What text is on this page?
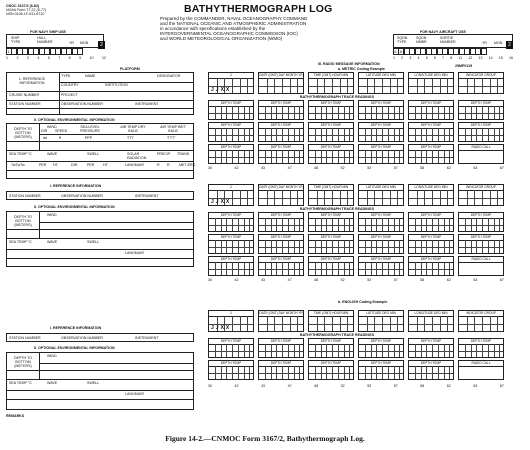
CNOC 3167/2 (6-82)
NOAA Form 77-22 (5-77)
NSN 0106-LF-031-6710
FOR NAVY SHIP USE
SHIP TYPE
HULL NUMBER	YR MON
1
2
1 2 3 4 5 7 8 9 10 12
BATHYTHERMOGRAPH LOG
Prepared by the COMMANDER, NAVAL OCEANOGRAPHY COMMAND
and the NATIONAL OCEANIC AND ATMOSPHERIC ADMINISTRATION
in accordance with specifications established by the
INTERGOVERNMENTAL OCEANOGRAPHIC COMMISSION (IOC)
and WORLD METEOROLOGICAL ORGANIZATION (WMO)
FOR NAVY AIRCRAFT USE
SQDN TYPE
SQDN NMBR
SORTIE NUMBER	YR MON
6 A
2
1 2 3 4 5 6 7 8 11 12 13 14 15 16
PLATFORM
1. REFERENCE INFORMATION
TYPE	NAME	DESIGNATOR
COUNTRY	INSTITUTION
CRUISE NUMBER	PROJECT
STATION NUMBER	OBSERVATION NUMBER	INSTRUMENT
II. OPTIONAL ENVIRONMENTAL INFORMATION
DEPTH TO BOTTOM (METERS)
WIND
DIR SPEED
SEA LEVEL PRESSURE
AIR TEMP DRY BULB
AIR TEMP WET BULB
dd	ff	PPP	TTT	T'T'T'
SEA TEMP °C	WAVE	SWELL	SOLAR RADIATION
PRECIP TRANS
TwTwTw	PER HT	DIR	PER HT	LANGMUIR	R R	MET-ERS
I. REFERENCE INFORMATION
STATION NUMBER	OBSERVATION NUMBER	INSTRUMENT
II. OPTIONAL ENVIRONMENTAL INFORMATION
DEPTH TO BOTTOM (METERS)
WIND
SEA TEMP °C	WAVE	SWELL
LANGMUIR
I. REFERENCE INFORMATION
STATION NUMBER	OBSERVATION NUMBER	INSTRUMENT
II. OPTIONAL ENVIRONMENTAL INFORMATION
DEPTH TO BOTTOM (METERS)
WIND
SEA TEMP °C	WAVE	SWELL
LANGMUIR
REMARKS
III. RADIO MESSAGE INFORMATION
a. METRIC Coding Example
25MP0115
1
J J X X
DATE (GMT) DAY MONTH YR	TIME (GMT) HOUR MIN	LATITUDE DEG MIN	LONGITUDE DEG MIN	INDICATOR GROUP
BATHYTHERMOGRAPH TRACE READINGS
DEPTH TEMP	DEPTH TEMP	DEPTH TEMP	DEPTH TEMP	DEPTH TEMP	DEPTH TEMP
DEPTH TEMP	DEPTH TEMP	DEPTH TEMP	DEPTH TEMP	DEPTH TEMP	DEPTH TEMP
DEPTH TEMP	DEPTH TEMP	DEPTH TEMP	DEPTH TEMP	DEPTH TEMP	RADIO CALL
30	42	43	47	48	52	53	57	58	62	63	67
1
J J X X
DATE (GMT) DAY MONTH YR	TIME (GMT) HOUR MIN	LATITUDE DEG MIN	LONGITUDE DEG MIN	INDICATOR GROUP
BATHYTHERMOGRAPH TRACE READINGS
DEPTH TEMP	DEPTH TEMP	DEPTH TEMP	DEPTH TEMP	DEPTH TEMP	DEPTH TEMP
DEPTH TEMP	DEPTH TEMP	DEPTH TEMP	DEPTH TEMP	DEPTH TEMP	DEPTH TEMP
DEPTH TEMP	DEPTH TEMP	DEPTH TEMP	DEPTH TEMP	DEPTH TEMP	RADIO CALL
30	42	43	47	48	52	53	57	58	62	63	67
1
J J X X
DATE (GMT) DAY MONTH YR	TIME (GMT) HOUR MIN	LATITUDE DEG MIN	LONGITUDE DEG MIN	INDICATOR GROUP
BATHYTHERMOGRAPH TRACE READINGS
DEPTH TEMP	DEPTH TEMP	DEPTH TEMP	DEPTH TEMP	DEPTH TEMP	DEPTH TEMP
DEPTH TEMP	DEPTH TEMP	DEPTH TEMP	DEPTH TEMP	DEPTH TEMP	RADIO CALL
30	42	43	47	48	52	53	57	58	62	63	67
b. ENGLISH Coding Example
Figure 14-2.—CNMOC Form 3167/2, Bathythermograph Log.
